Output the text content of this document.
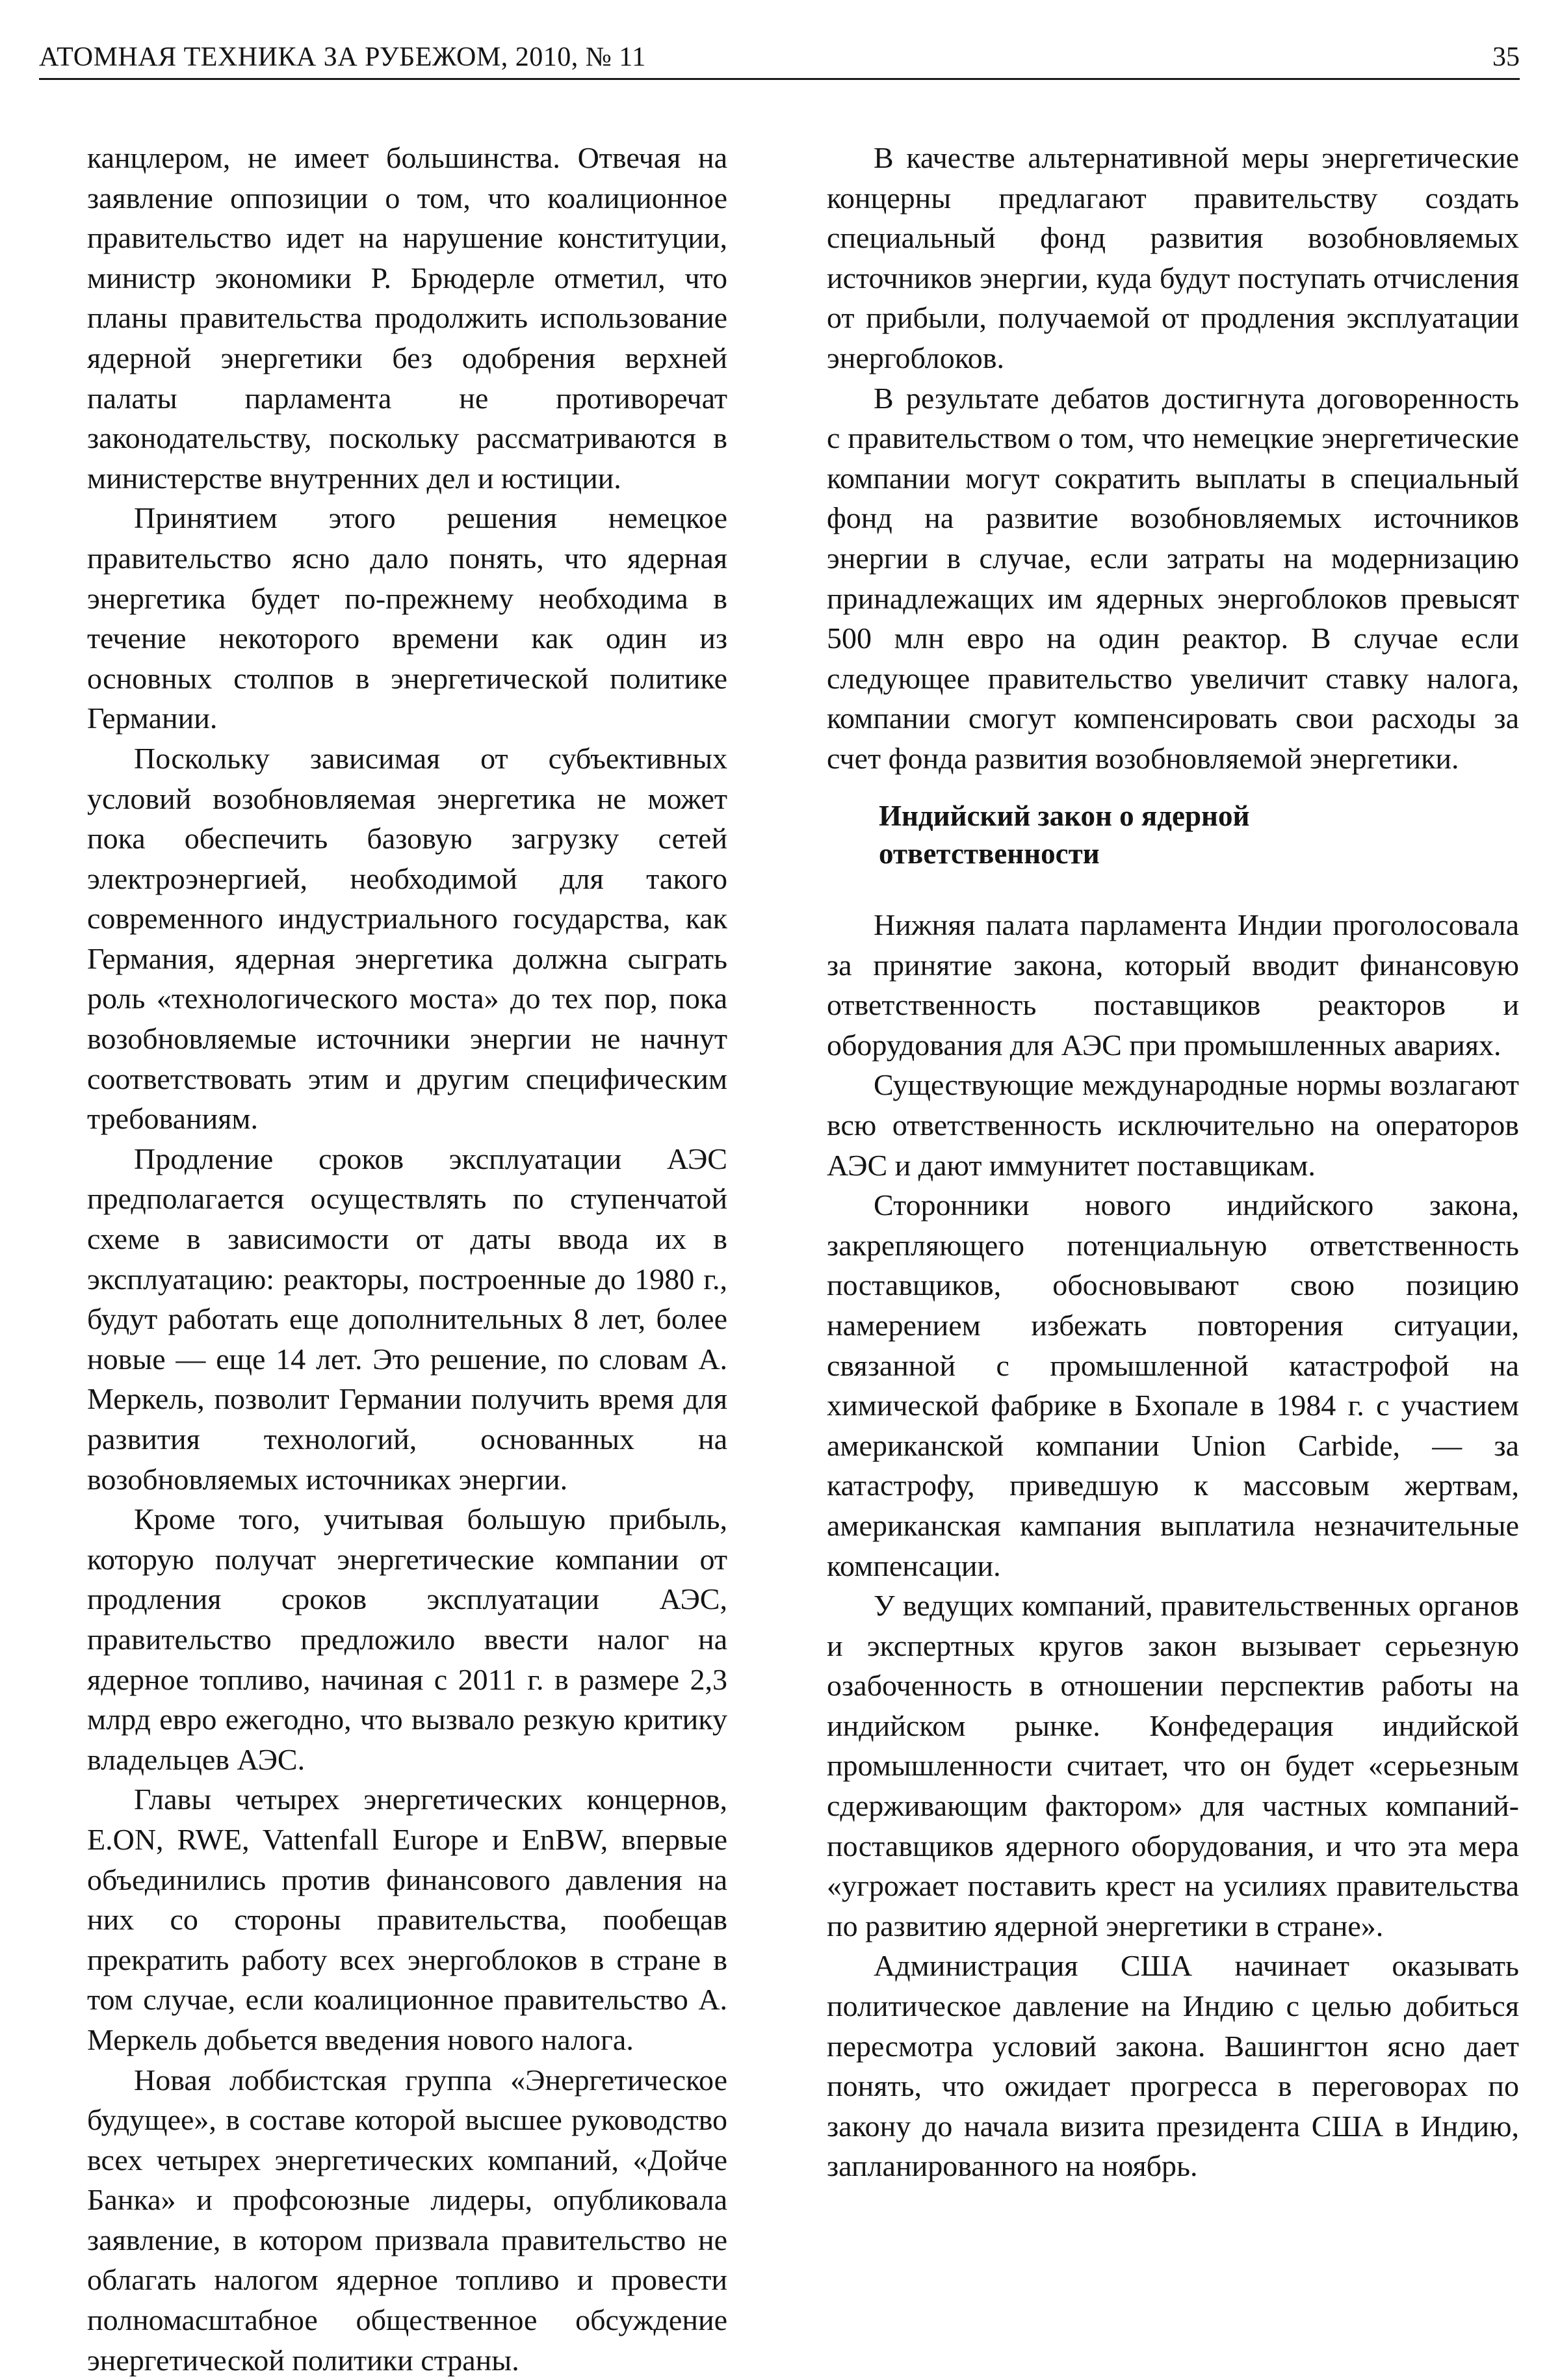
АТОМНАЯ ТЕХНИКА ЗА РУБЕЖОМ, 2010, № 11	35

канцлером, не имеет большинства. Отвечая на заявление оппозиции о том, что коалиционное правительство идет на нарушение конституции, министр экономики Р. Брюдерле отметил, что планы правительства продолжить использование ядерной энергетики без одобрения верхней палаты парламента не противоречат законодательству, поскольку рассматриваются в министерстве внутренних дел и юстиции.

Принятием этого решения немецкое правительство ясно дало понять, что ядерная энергетика будет по-прежнему необходима в течение некоторого времени как один из основных столпов в энергетической политике Германии.

Поскольку зависимая от субъективных условий возобновляемая энергетика не может пока обеспечить базовую загрузку сетей электроэнергией, необходимой для такого современного индустриального государства, как Германия, ядерная энергетика должна сыграть роль «технологического моста» до тех пор, пока возобновляемые источники энергии не начнут соответствовать этим и другим специфическим требованиям.

Продление сроков эксплуатации АЭС предполагается осуществлять по ступенчатой схеме в зависимости от даты ввода их в эксплуатацию: реакторы, построенные до 1980 г., будут работать еще дополнительных 8 лет, более новые — еще 14 лет. Это решение, по словам А. Меркель, позволит Германии получить время для развития технологий, основанных на возобновляемых источниках энергии.

Кроме того, учитывая большую прибыль, которую получат энергетические компании от продления сроков эксплуатации АЭС, правительство предложило ввести налог на ядерное топливо, начиная с 2011 г. в размере 2,3 млрд евро ежегодно, что вызвало резкую критику владельцев АЭС.

Главы четырех энергетических концернов, E.ON, RWE, Vattenfall Europe и EnBW, впервые объединились против финансового давления на них со стороны правительства, пообещав прекратить работу всех энергоблоков в стране в том случае, если коалиционное правительство А. Меркель добьется введения нового налога.

Новая лоббистская группа «Энергетическое будущее», в составе которой высшее руководство всех четырех энергетических компаний, «Дойче Банка» и профсоюзные лидеры, опубликовала заявление, в котором призвала правительство не облагать налогом ядерное топливо и провести полномасштабное общественное обсуждение энергетической политики страны.

В качестве альтернативной меры энергетические концерны предлагают правительству создать специальный фонд развития возобновляемых источников энергии, куда будут поступать отчисления от прибыли, получаемой от продления эксплуатации энергоблоков.

В результате дебатов достигнута договоренность с правительством о том, что немецкие энергетические компании могут сократить выплаты в специальный фонд на развитие возобновляемых источников энергии в случае, если затраты на модернизацию принадлежащих им ядерных энергоблоков превысят 500 млн евро на один реактор. В случае если следующее правительство увеличит ставку налога, компании смогут компенсировать свои расходы за счет фонда развития возобновляемой энергетики.

Индийский закон о ядерной ответственности

Нижняя палата парламента Индии проголосовала за принятие закона, который вводит финансовую ответственность поставщиков реакторов и оборудования для АЭС при промышленных авариях.

Существующие международные нормы возлагают всю ответственность исключительно на операторов АЭС и дают иммунитет поставщикам.

Сторонники нового индийского закона, закрепляющего потенциальную ответственность поставщиков, обосновывают свою позицию намерением избежать повторения ситуации, связанной с промышленной катастрофой на химической фабрике в Бхопале в 1984 г. с участием американской компании Union Carbide, — за катастрофу, приведшую к массовым жертвам, американская кампания выплатила незначительные компенсации.

У ведущих компаний, правительственных органов и экспертных кругов закон вызывает серьезную озабоченность в отношении перспектив работы на индийском рынке. Конфедерация индийской промышленности считает, что он будет «серьезным сдерживающим фактором» для частных компаний-поставщиков ядерного оборудования, и что эта мера «угрожает поставить крест на усилиях правительства по развитию ядерной энергетики в стране».

Администрация США начинает оказывать политическое давление на Индию с целью добиться пересмотра условий закона. Вашингтон ясно дает понять, что ожидает прогресса в переговорах по закону до начала визита президента США в Индию, запланированного на ноябрь.
